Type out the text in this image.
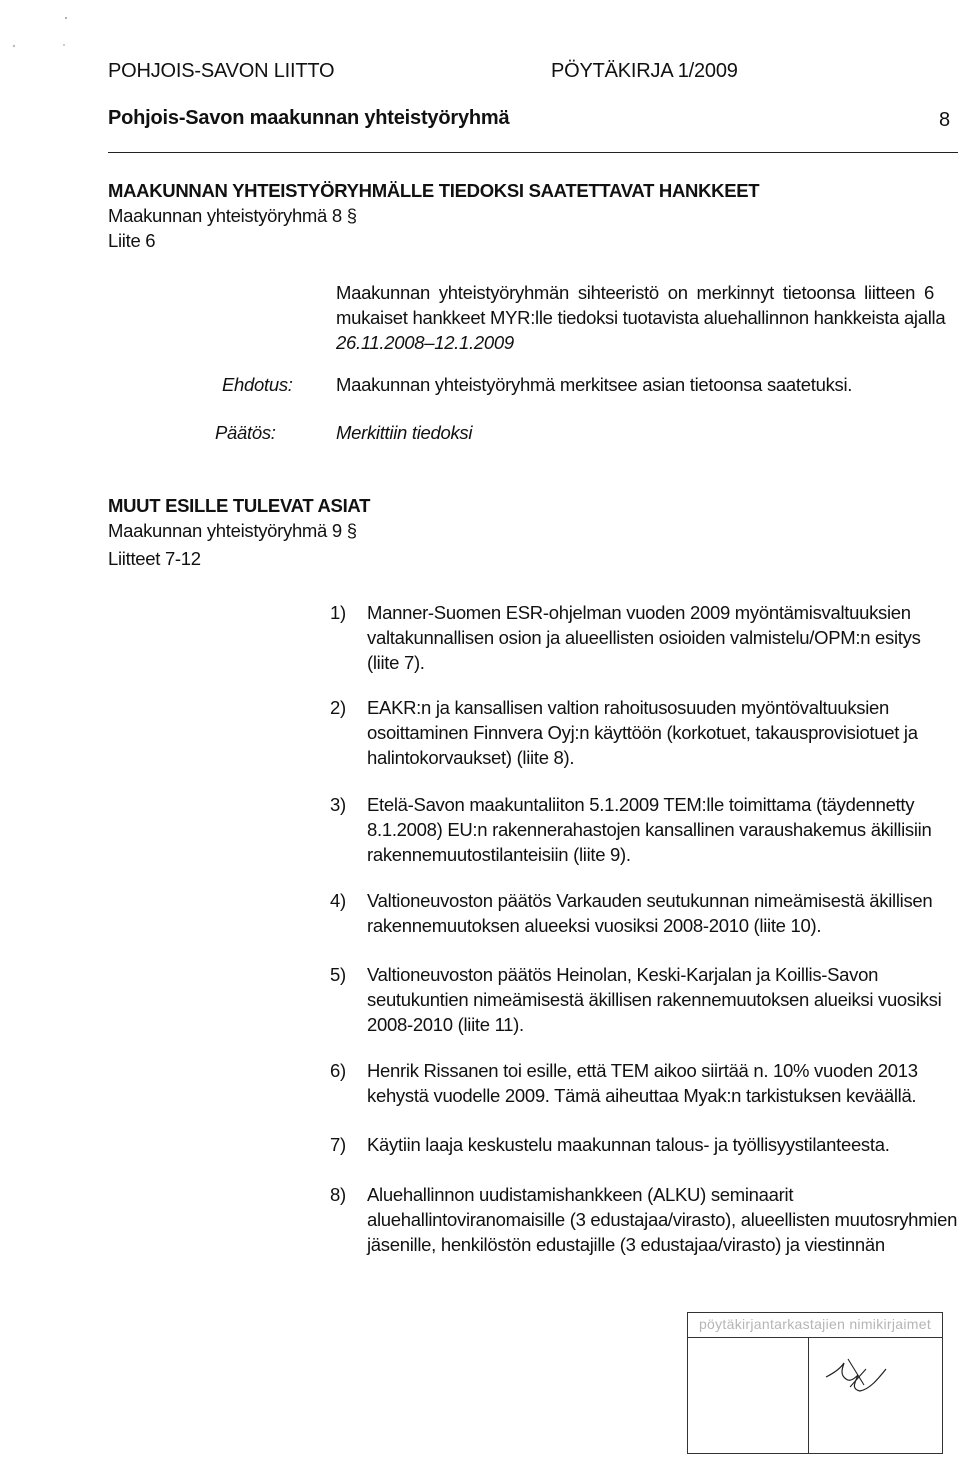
POHJOIS-SAVON LIITTO	PÖYTÄKIRJA 1/2009
Pohjois-Savon maakunnan yhteistyöryhmä	8
MAAKUNNAN YHTEISTYÖRYHMÄLLE TIEDOKSI SAATETTAVAT HANKKEET
Maakunnan yhteistyöryhmä 8 §
Liite 6
Maakunnan yhteistyöryhmän sihteeristö on merkinnyt tietoonsa liitteen 6
mukaiset hankkeet MYR:lle tiedoksi tuotavista aluehallinnon hankkeista ajalla
26.11.2008–12.1.2009
Ehdotus: Maakunnan yhteistyöryhmä merkitsee asian tietoonsa saatetuksi.
Päätös:	Merkittiin tiedoksi
MUUT ESILLE TULEVAT ASIAT
Maakunnan yhteistyöryhmä 9 §
Liitteet 7-12
1) Manner-Suomen ESR-ohjelman vuoden 2009 myöntämisvaltuuksien
valtakunnallisen osion ja alueellisten osioiden valmistelu/OPM:n esitys
(liite 7).
2) EAKR:n ja kansallisen valtion rahoitusosuuden myöntövaltuuksien
osoittaminen Finnvera Oyj:n käyttöön (korkotuet, takausprovisiotuet ja
halintokorvaukset) (liite 8).
3) Etelä-Savon maakuntaliiton 5.1.2009 TEM:lle toimittama (täydennetty
8.1.2008) EU:n rakennerahastojen kansallinen varaushakemus äkillisiin
rakennemuutostilanteisiin (liite 9).
4) Valtioneuvoston päätös Varkauden seutukunnan nimeämisestä äkillisen
rakennemuutoksen alueeksi vuosiksi 2008-2010 (liite 10).
5) Valtioneuvoston päätös Heinolan, Keski-Karjalan ja Koillis-Savon
seutukuntien nimeämisestä äkillisen rakennemuutoksen alueiksi vuosiksi
2008-2010 (liite 11).
6) Henrik Rissanen toi esille, että TEM aikoo siirtää n. 10% vuoden 2013
kehystä vuodelle 2009. Tämä aiheuttaa Myak:n tarkistuksen keväällä.
7) Käytiin laaja keskustelu maakunnan talous- ja työllisyystilanteesta.
8) Aluehallinnon uudistamishankkeen (ALKU) seminaarit
aluehallintoviranomaisille (3 edustajaa/virasto), alueellisten muutosryhmien
jäsenille, henkilöstön edustajille (3 edustajaa/virasto) ja viestinnän
pöytäkirjantarkastajien nimikirjaimet
